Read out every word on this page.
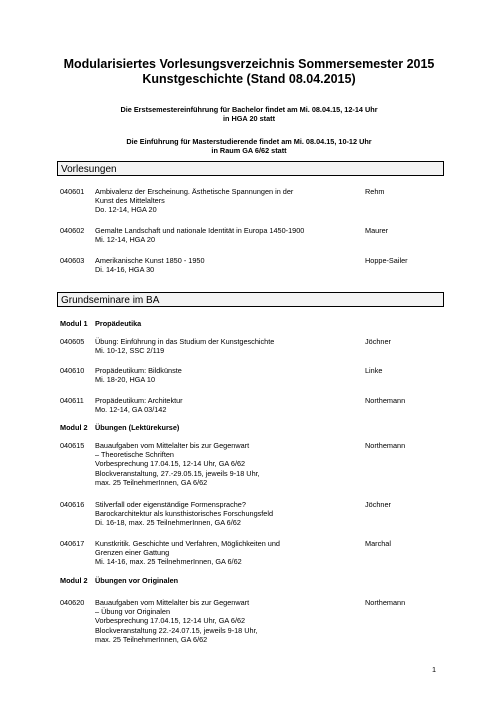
Modularisiertes Vorlesungsverzeichnis Sommersemester 2015
Kunstgeschichte (Stand 08.04.2015)
Die Erstsemestereinführung für Bachelor findet am Mi. 08.04.15, 12-14 Uhr
in HGA 20 statt
Die Einführung für Masterstudierende findet am Mi. 08.04.15, 10-12 Uhr
in Raum GA 6/62 statt
Vorlesungen
040601 Ambivalenz der Erscheinung. Ästhetische Spannungen in der
Kunst des Mittelalters
Do. 12-14, HGA 20
Rehm
040602 Gemalte Landschaft und nationale Identität in Europa 1450-1900
Mi. 12-14, HGA 20
Maurer
040603 Amerikanische Kunst 1850 - 1950
Di. 14-16, HGA 30
Hoppe-Sailer
Grundseminare im BA
Modul 1 Propädeutika
040605 Übung: Einführung in das Studium der Kunstgeschichte
Mi. 10-12, SSC 2/119
Jöchner
040610 Propädeutikum: Bildkünste
Mi. 18-20, HGA 10
Linke
040611 Propädeutikum: Architektur
Mo. 12-14, GA 03/142
Northemann
Modul 2 Übungen (Lektürekurse)
040615 Bauaufgaben vom Mittelalter bis zur Gegenwart
– Theoretische Schriften
Vorbesprechung 17.04.15, 12-14 Uhr, GA 6/62
Blockveranstaltung, 27.-29.05.15, jeweils 9-18 Uhr,
max. 25 TeilnehmerInnen, GA 6/62
Northemann
040616 Stilverfall oder eigenständige Formensprache?
Barockarchitektur als kunsthistorisches Forschungsfeld
Di. 16-18, max. 25 TeilnehmerInnen, GA 6/62
Jöchner
040617 Kunstkritik. Geschichte und Verfahren, Möglichkeiten und
Grenzen einer Gattung
Mi. 14-16, max. 25 TeilnehmerInnen, GA 6/62
Marchal
Modul 2 Übungen vor Originalen
040620 Bauaufgaben vom Mittelalter bis zur Gegenwart
– Übung vor Originalen
Vorbesprechung 17.04.15, 12-14 Uhr, GA 6/62
Blockveranstaltung 22.-24.07.15, jeweils 9-18 Uhr,
max. 25 TeilnehmerInnen, GA 6/62
Northemann
1
